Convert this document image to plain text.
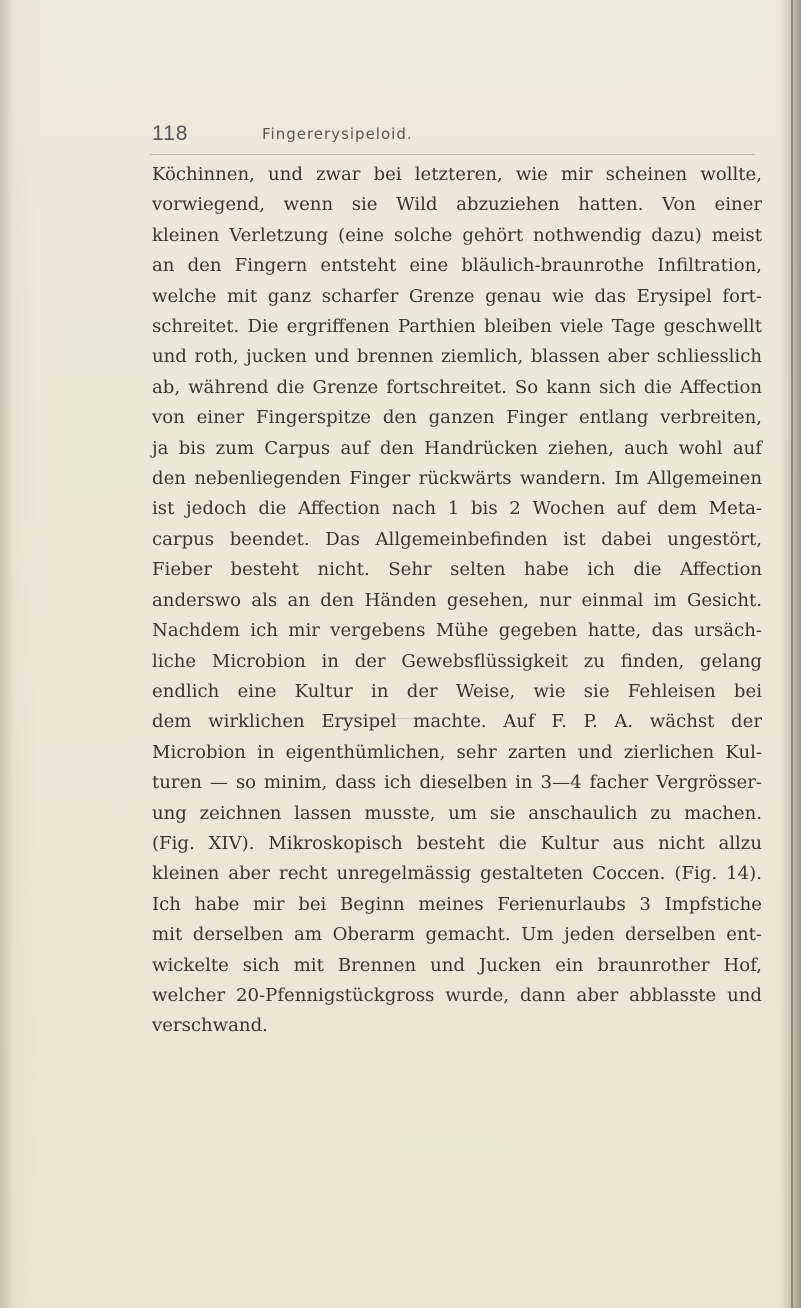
118	Fingererysipeloid.
Köchinnen, und zwar bei letzteren, wie mir scheinen wollte,
vorwiegend, wenn sie Wild abzuziehen hatten. Von einer
kleinen Verletzung (eine solche gehört nothwendig dazu) meist
an den Fingern entsteht eine bläulich-braunrothe Infiltration,
welche mit ganz scharfer Grenze genau wie das Erysipel fort-
schreitet. Die ergriffenen Parthien bleiben viele Tage geschwellt
und roth, jucken und brennen ziemlich, blassen aber schliesslich
ab, während die Grenze fortschreitet. So kann sich die Affection
von einer Fingerspitze den ganzen Finger entlang verbreiten,
ja bis zum Carpus auf den Handrücken ziehen, auch wohl auf
den nebenliegenden Finger rückwärts wandern. Im Allgemeinen
ist jedoch die Affection nach 1 bis 2 Wochen auf dem Meta-
carpus beendet. Das Allgemeinbefinden ist dabei ungestört,
Fieber besteht nicht. Sehr selten habe ich die Affection
anderswo als an den Händen gesehen, nur einmal im Gesicht.
Nachdem ich mir vergebens Mühe gegeben hatte, das ursäch-
liche Microbion in der Gewebsflüssigkeit zu finden, gelang
endlich eine Kultur in der Weise, wie sie Fehleisen bei
dem wirklichen Erysipel machte. Auf F. P. A. wächst der
Microbion in eigenthümlichen, sehr zarten und zierlichen Kul-
turen — so minim, dass ich dieselben in 3—4 facher Vergrösser-
ung zeichnen lassen musste, um sie anschaulich zu machen.
(Fig. XIV). Mikroskopisch besteht die Kultur aus nicht allzu
kleinen aber recht unregelmässig gestalteten Coccen. (Fig. 14).
Ich habe mir bei Beginn meines Ferienurlaubs 3 Impfstiche
mit derselben am Oberarm gemacht. Um jeden derselben ent-
wickelte sich mit Brennen und Jucken ein braunrother Hof,
welcher 20-Pfennigstückgross wurde, dann aber abblasste und
verschwand.
